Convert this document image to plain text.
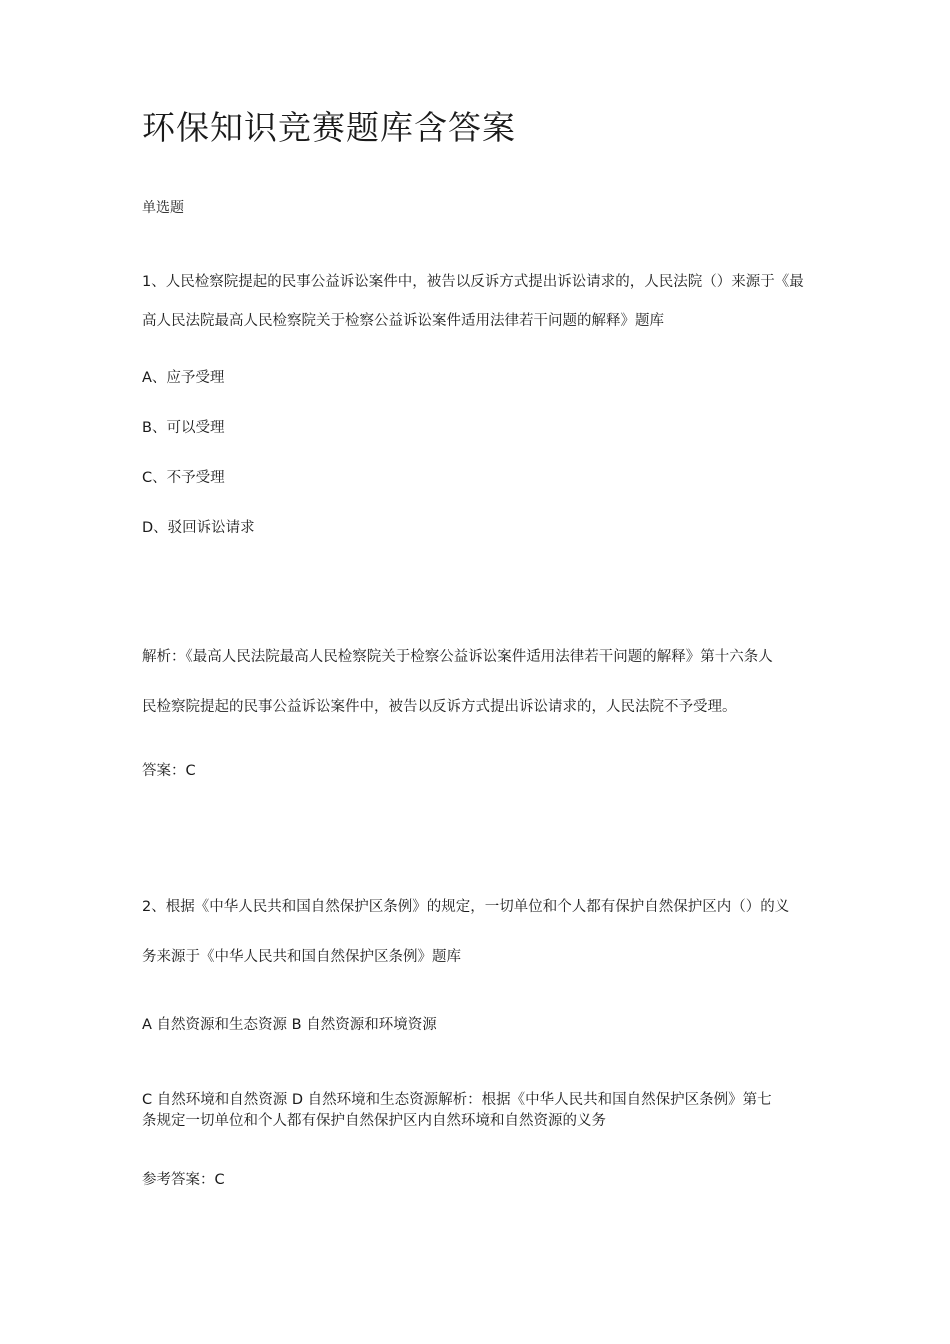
环保知识竞赛题库含答案
单选题
1、人民检察院提起的民事公益诉讼案件中，被告以反诉方式提出诉讼请求的，人民法院（）来源于《最
高人民法院最高人民检察院关于检察公益诉讼案件适用法律若干问题的解释》题库
A、应予受理
B、可以受理
C、不予受理
D、驳回诉讼请求
解析：《最高人民法院最高人民检察院关于检察公益诉讼案件适用法律若干问题的解释》第十六条人
民检察院提起的民事公益诉讼案件中，被告以反诉方式提出诉讼请求的，人民法院不予受理。
答案：C
2、根据《中华人民共和国自然保护区条例》的规定，一切单位和个人都有保护自然保护区内（）的义
务来源于《中华人民共和国自然保护区条例》题库
A 自然资源和生态资源 B 自然资源和环境资源
C 自然环境和自然资源 D 自然环境和生态资源解析：根据《中华人民共和国自然保护区条例》第七
条规定一切单位和个人都有保护自然保护区内自然环境和自然资源的义务
参考答案：C
